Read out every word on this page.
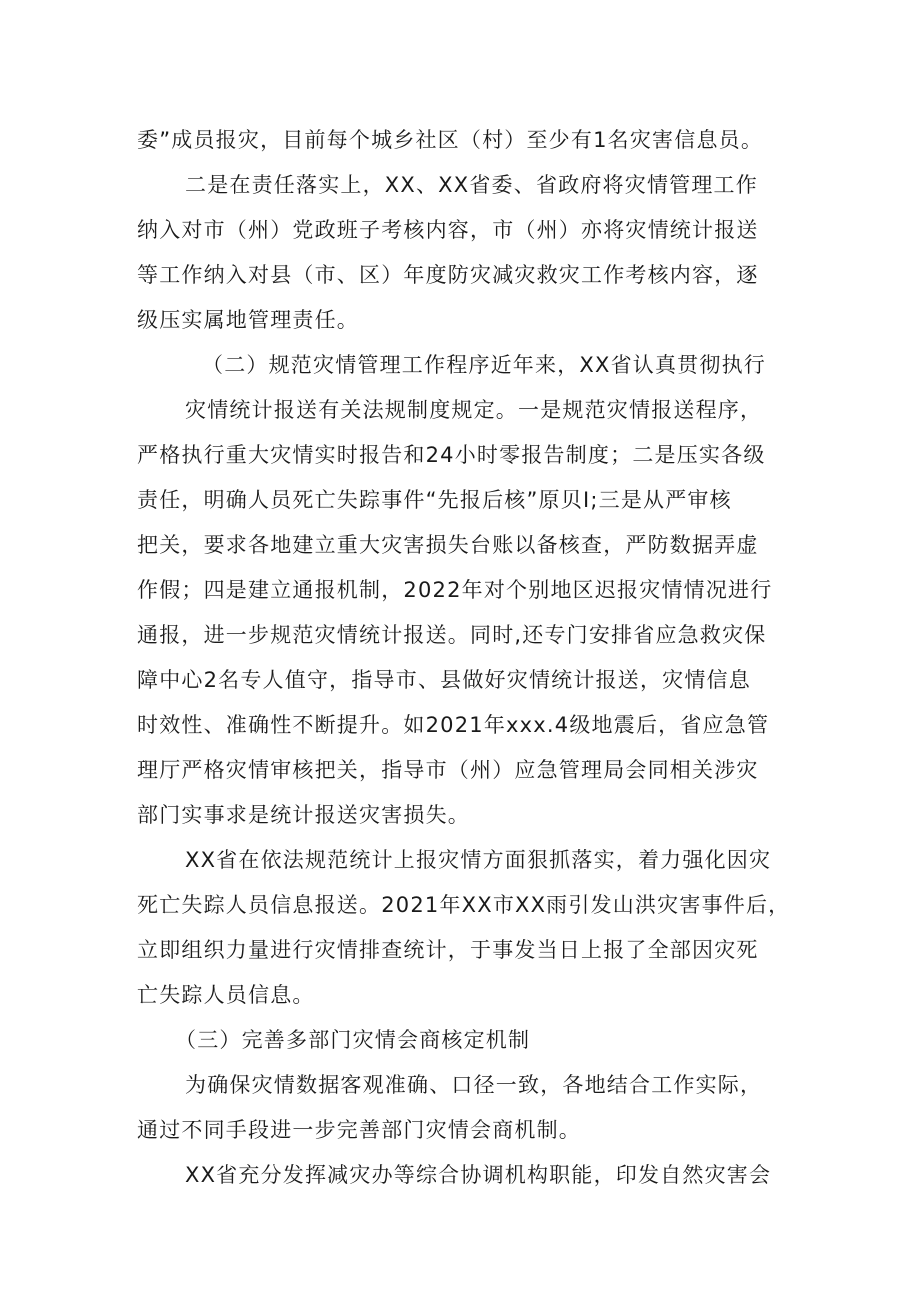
委”成员报灾，目前每个城乡社区（村）至少有1名灾害信息员。
二是在责任落实上，XX、XX省委、省政府将灾情管理工作
纳入对市（州）党政班子考核内容，市（州）亦将灾情统计报送
等工作纳入对县（市、区）年度防灾减灾救灾工作考核内容，逐
级压实属地管理责任。
（二）规范灾情管理工作程序近年来，XX省认真贯彻执行
灾情统计报送有关法规制度规定。一是规范灾情报送程序，
严格执行重大灾情实时报告和24小时零报告制度；二是压实各级
责任，明确人员死亡失踪事件“先报后核”原贝I;三是从严审核
把关，要求各地建立重大灾害损失台账以备核查，严防数据弄虚
作假；四是建立通报机制，2022年对个别地区迟报灾情情况进行
通报，进一步规范灾情统计报送。同时,还专门安排省应急救灾保
障中心2名专人值守，指导市、县做好灾情统计报送，灾情信息
时效性、准确性不断提升。如2021年xxx.4级地震后，省应急管
理厅严格灾情审核把关，指导市（州）应急管理局会同相关涉灾
部门实事求是统计报送灾害损失。
XX省在依法规范统计上报灾情方面狠抓落实，着力强化因灾
死亡失踪人员信息报送。2021年XX市XX雨引发山洪灾害事件后，
立即组织力量进行灾情排查统计，于事发当日上报了全部因灾死
亡失踪人员信息。
（三）完善多部门灾情会商核定机制
为确保灾情数据客观准确、口径一致，各地结合工作实际，
通过不同手段进一步完善部门灾情会商机制。
XX省充分发挥减灾办等综合协调机构职能，印发自然灾害会
